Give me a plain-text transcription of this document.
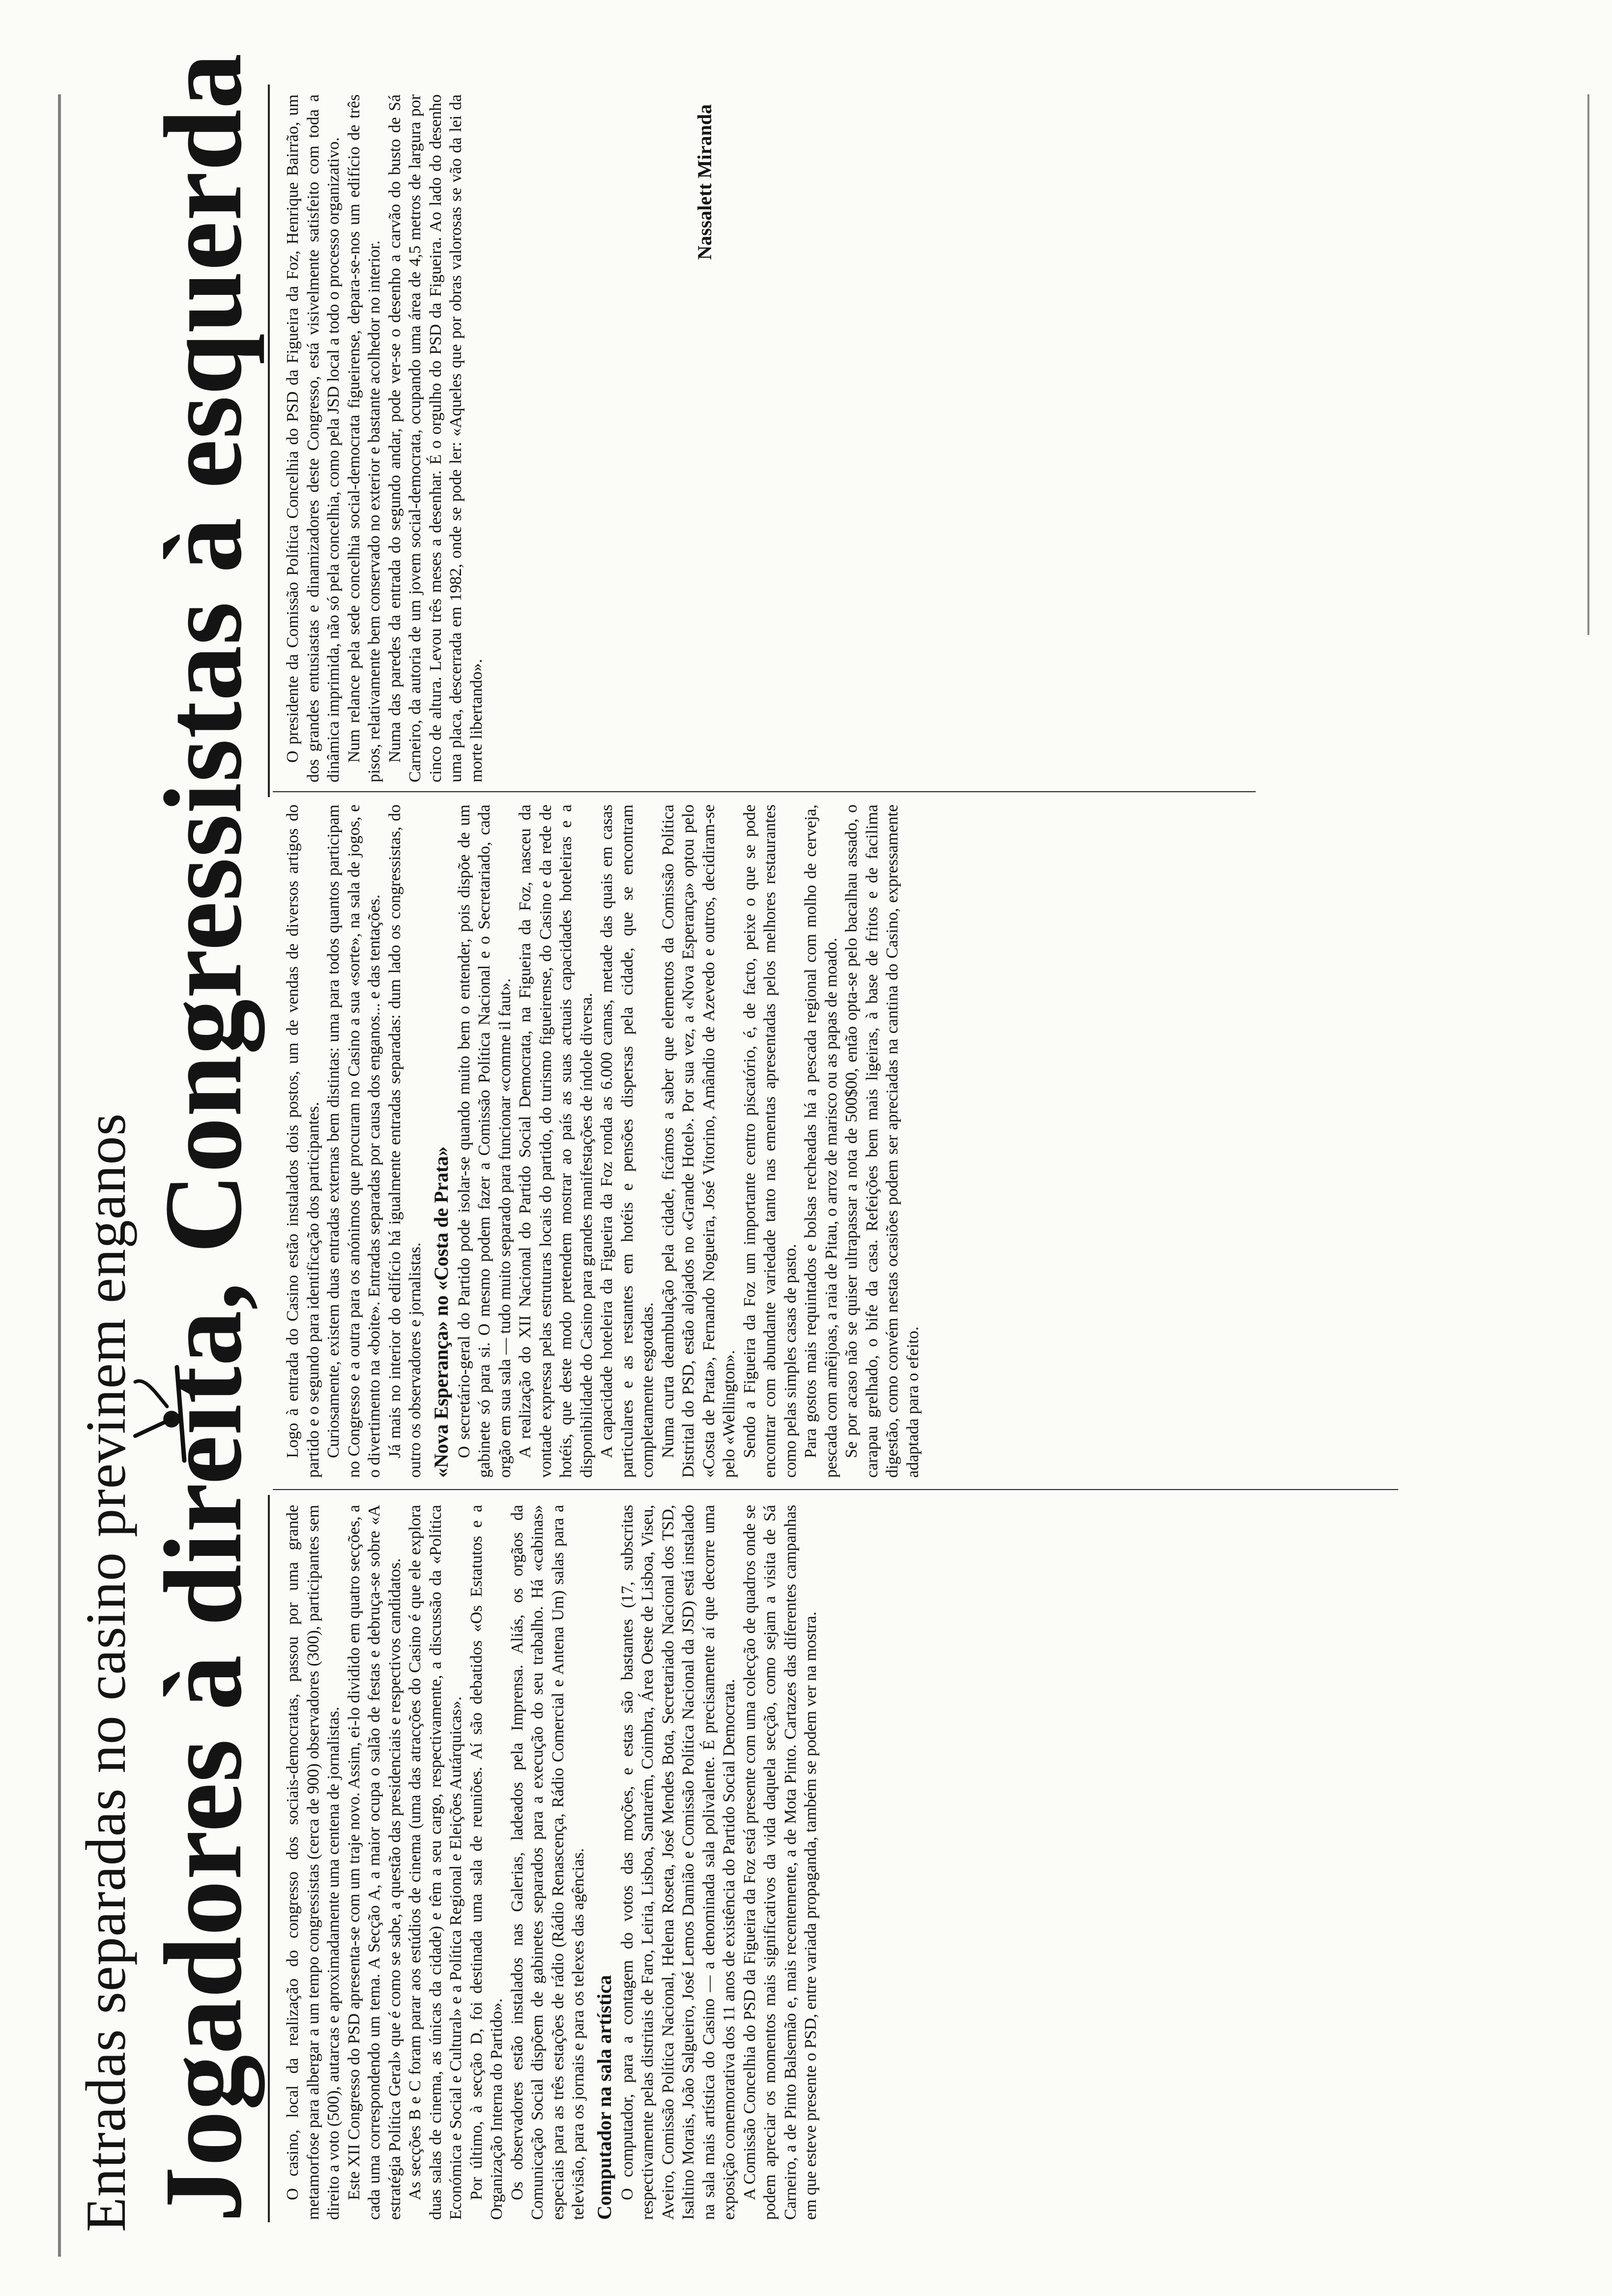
Entradas separadas no casino previnem enganos Jogadores à direita, Congressistas à esquerda O casino, local da realização do congresso dos sociais-democratas, passou por uma grande metamorfose para albergar a um tempo congressistas (cerca de 900) observadores (300), participantes sem direito a voto (500), autarcas e aproximadamente uma centena de jornalistas. Este XII Congresso do PSD apresenta-se com um traje novo. Assim, ei-lo dividido em quatro secções, a cada uma correspondendo um tema. A Secção A, a maior ocupa o salão de festas e debruça-se sobre «A estratégia Política Geral» que é como se sabe, a questão das presidenciais e respectivos candidatos. As secções B e C foram parar aos estúdios de cinema (uma das atracções do Casino é que ele explora duas salas de cinema, as únicas da cidade) e têm a seu cargo, respectivamente, a discussão da «Política Económica e Social e Cultural» e a Política Regional e Eleições Autárquicas». Por último, à secção D, foi destinada uma sala de reuniões. Aí são debatidos «Os Estatutos e a Organização Interna do Partido». Os observadores estão instalados nas Galerias, ladeados pela Imprensa. Aliás, os orgãos da Comunicação Social dispõem de gabinetes separados para a execução do seu trabalho. Há «cabinas» especiais para as três estações de rádio (Rádio Renascença, Rádio Comercial e Antena Um) salas para a televisão, para os jornais e para os telexes das agências. Computador na sala artística O computador, para a contagem do votos das moções, e estas são bastantes (17, subscritas respectivamente pelas distritais de Faro, Leiria, Lisboa, Santarém, Coimbra, Área Oeste de Lisboa, Viseu, Aveiro, Comissão Política Nacional, Helena Roseta, José Mendes Bota, Secretariado Nacional dos TSD, Isaltino Morais, João Salgueiro, José Lemos Damião e Comissão Política Nacional da JSD) está instalado na sala mais artística do Casino — a denominada sala polivalente. É precisamente aí que decorre uma exposição comemorativa dos 11 anos de existência do Partido Social Democrata. A Comissão Concelhia do PSD da Figueira da Foz está presente com uma colecção de quadros onde se podem apreciar os momentos mais significativos da vida daquela secção, como sejam a visita de Sá Carneiro, a de Pinto Balsemão e, mais recentemente, a de Mota Pinto. Cartazes das diferentes campanhas em que esteve presente o PSD, entre variada propaganda, também se podem ver na mostra.

Logo à entrada do Casino estão instalados dois postos, um de vendas de diversos artigos do partido e o segundo para identificação dos participantes. Curiosamente, existem duas entradas externas bem distintas: uma para todos quantos participam no Congresso e a outra para os anónimos que procuram no Casino a sua «sorte», na sala de jogos, e o divertimento na «boite». Entradas separadas por causa dos enganos... e das tentações. Já mais no interior do edifício há igualmente entradas separadas: dum lado os congressistas, do outro os observadores e jornalistas. «Nova Esperança» no «Costa de Prata» O secretário-geral do Partido pode isolar-se quando muito bem o entender, pois dispõe de um gabinete só para si. O mesmo podem fazer a Comissão Política Nacional e o Secretariado, cada orgão em sua sala — tudo muito separado para funcionar «comme il faut». A realização do XII Nacional do Partido Social Democrata, na Figueira da Foz, nasceu da vontade expressa pelas estruturas locais do partido, do turismo figueirense, do Casino e da rede de hotéis, que deste modo pretendem mostrar ao país as suas actuais capacidades hoteleiras e a disponibilidade do Casino para grandes manifestações de índole diversa. A capacidade hoteleira da Figueira da Foz ronda as 6.000 camas, metade das quais em casas particulares e as restantes em hotéis e pensões dispersas pela cidade, que se encontram completamente esgotadas. Numa curta deambulação pela cidade, ficámos a saber que elementos da Comissão Política Distrital do PSD, estão alojados no «Grande Hotel». Por sua vez, a «Nova Esperança» optou pelo «Costa de Prata», Fernando Nogueira, José Vitorino, Amândio de Azevedo e outros, decidiram-se pelo «Wellington». Sendo a Figueira da Foz um importante centro piscatório, é, de facto, peixe o que se pode encontrar com abundante variedade tanto nas ementas apresentadas pelos melhores restaurantes como pelas simples casas de pasto. Para gostos mais requintados e bolsas recheadas há a pescada regional com molho de cerveja, pescada com amêijoas, a raia de Pitau, o arroz de marisco ou as papas de moado. Se por acaso não se quiser ultrapassar a nota de 500$00, então opta-se pelo bacalhau assado, o carapau grelhado, o bife da casa. Refeições bem mais ligeiras, à base de fritos e de facilima digestão, como convém nestas ocasiões podem ser apreciadas na cantina do Casino, expressamente adaptada para o efeito.

O presidente da Comissão Política Concelhia do PSD da Figueira da Foz, Henrique Bairrão, um dos grandes entusiastas e dinamizadores deste Congresso, está visivelmente satisfeito com toda a dinâmica imprimida, não só pela concelhia, como pela JSD local a todo o processo organizativo. Num relance pela sede concelhia social-democrata figueirense, depara-se-nos um edifício de três pisos, relativamente bem conservado no exterior e bastante acolhedor no interior. Numa das paredes da entrada do segundo andar, pode ver-se o desenho a carvão do busto de Sá Carneiro, da autoria de um jovem social-democrata, ocupando uma área de 4,5 metros de largura por cinco de altura. Levou três meses a desenhar. É o orgulho do PSD da Figueira. Ao lado do desenho uma placa, descerrada em 1982, onde se pode ler: «Aqueles que por obras valorosas se vão da lei da morte libertando».

Nassalett Miranda
